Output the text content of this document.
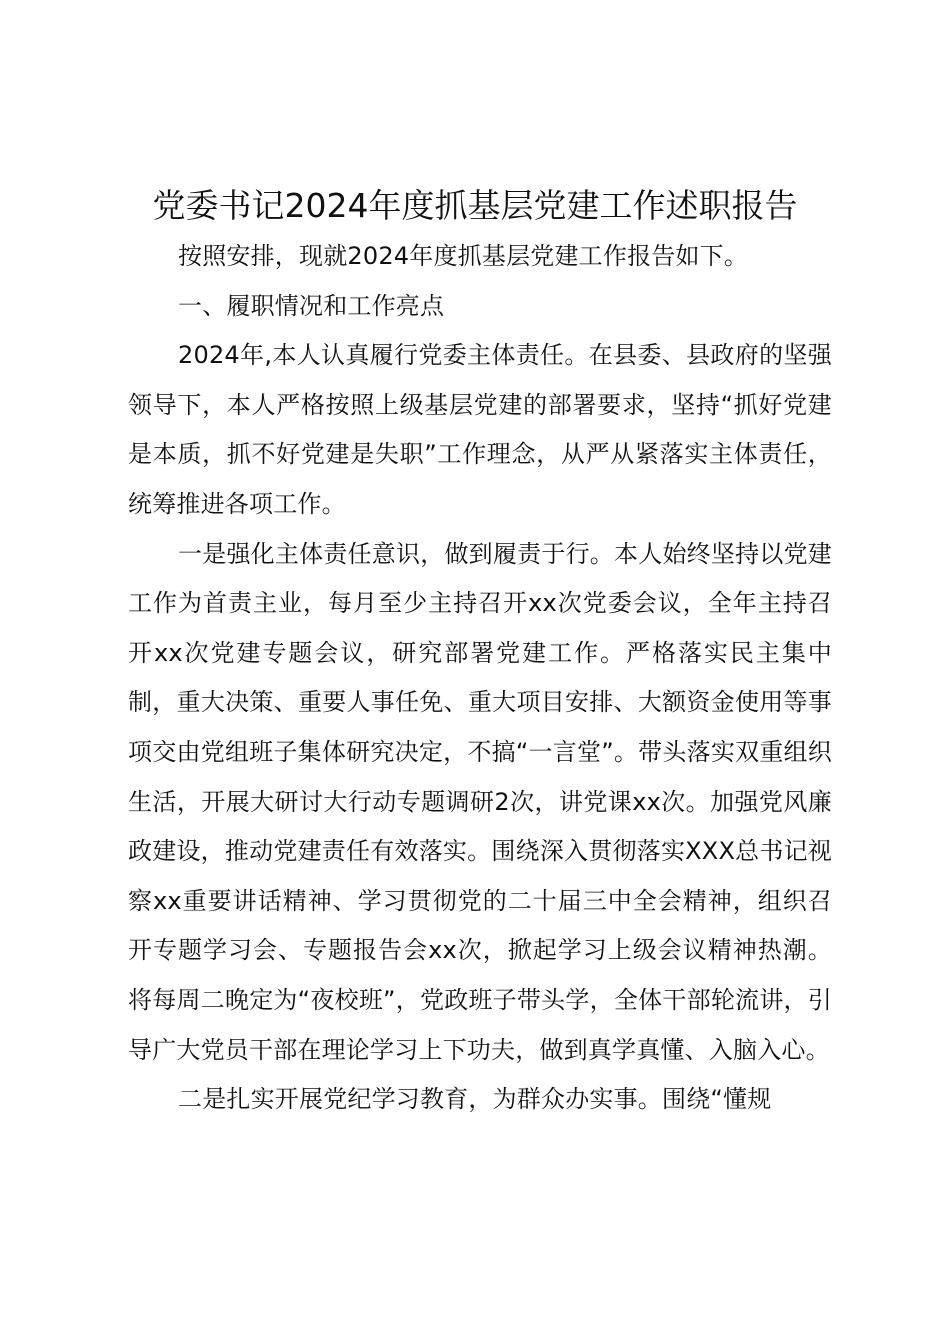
党委书记2024年度抓基层党建工作述职报告

按照安排，现就2024年度抓基层党建工作报告如下。

一、履职情况和工作亮点

2024年,本人认真履行党委主体责任。在县委、县政府的坚强领导下，本人严格按照上级基层党建的部署要求，坚持“抓好党建是本质，抓不好党建是失职”工作理念，从严从紧落实主体责任，统筹推进各项工作。

一是强化主体责任意识，做到履责于行。本人始终坚持以党建工作为首责主业，每月至少主持召开xx次党委会议，全年主持召开xx次党建专题会议，研究部署党建工作。严格落实民主集中制，重大决策、重要人事任免、重大项目安排、大额资金使用等事项交由党组班子集体研究决定，不搞“一言堂”。带头落实双重组织生活，开展大研讨大行动专题调研2次，讲党课xx次。加强党风廉政建设，推动党建责任有效落实。围绕深入贯彻落实XXX总书记视察xx重要讲话精神、学习贯彻党的二十届三中全会精神，组织召开专题学习会、专题报告会xx次，掀起学习上级会议精神热潮。将每周二晚定为“夜校班”，党政班子带头学，全体干部轮流讲，引导广大党员干部在理论学习上下功夫，做到真学真懂、入脑入心。

二是扎实开展党纪学习教育，为群众办实事。围绕“懂规
